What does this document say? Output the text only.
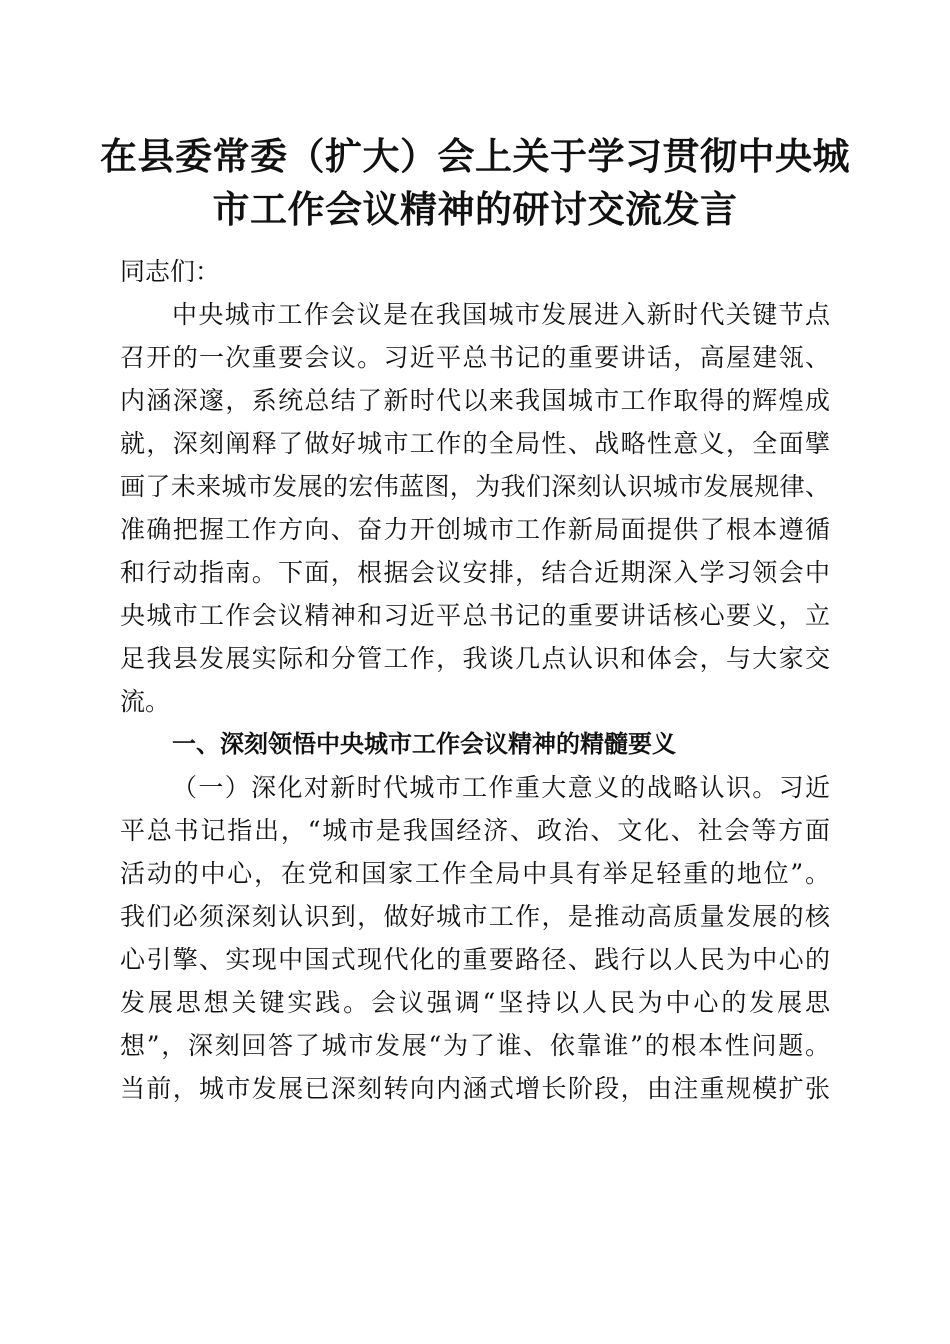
在县委常委（扩大）会上关于学习贯彻中央城
市工作会议精神的研讨交流发言
同志们：
中央城市工作会议是在我国城市发展进入新时代关键节点
召开的一次重要会议。习近平总书记的重要讲话，高屋建瓴、
内涵深邃，系统总结了新时代以来我国城市工作取得的辉煌成
就，深刻阐释了做好城市工作的全局性、战略性意义，全面擘
画了未来城市发展的宏伟蓝图，为我们深刻认识城市发展规律、
准确把握工作方向、奋力开创城市工作新局面提供了根本遵循
和行动指南。下面，根据会议安排，结合近期深入学习领会中
央城市工作会议精神和习近平总书记的重要讲话核心要义，立
足我县发展实际和分管工作，我谈几点认识和体会，与大家交
流。
一、深刻领悟中央城市工作会议精神的精髓要义
（一）深化对新时代城市工作重大意义的战略认识。习近
平总书记指出，“城市是我国经济、政治、文化、社会等方面
活动的中心，在党和国家工作全局中具有举足轻重的地位”。
我们必须深刻认识到，做好城市工作，是推动高质量发展的核
心引擎、实现中国式现代化的重要路径、践行以人民为中心的
发展思想关键实践。会议强调“坚持以人民为中心的发展思
想”，深刻回答了城市发展“为了谁、依靠谁”的根本性问题。
当前，城市发展已深刻转向内涵式增长阶段，由注重规模扩张
